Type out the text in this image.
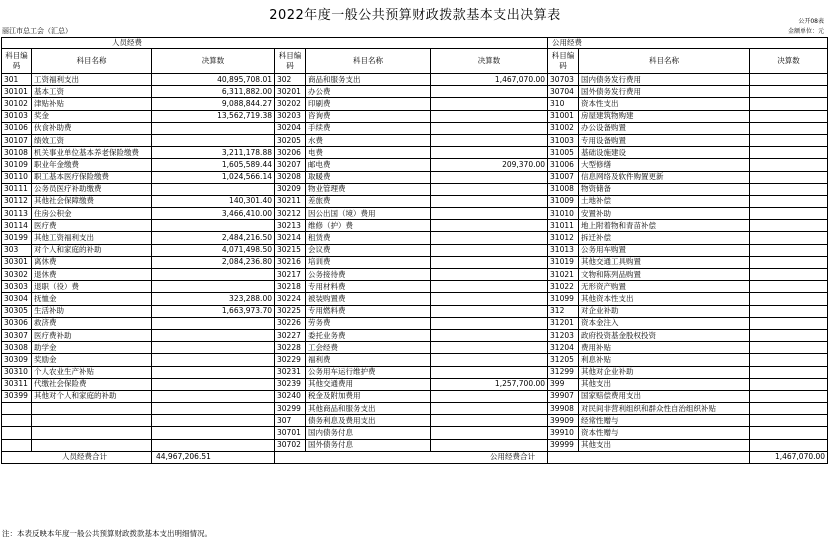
2022年度一般公共预算财政拨款基本支出决算表	公开08表
丽江市总工会（汇总）	金额单位：元
人员经费						公用经费		
科目编码	科目名称	决算数	科目编码	科目名称	决算数	科目编码	科目名称	决算数
301	工资福利支出	40,895,708.01	302	商品和服务支出	1,467,070.00	30703	国内债务发行费用	
30101	基本工资	6,311,882.00	30201	办公费		30704	国外债务发行费用	
30102	津贴补贴	9,088,844.27	30202	印刷费		310	资本性支出	
30103	奖金	13,562,719.38	30203	咨询费		31001	房屋建筑物购建	
30106	伙食补助费		30204	手续费		31002	办公设备购置	
30107	绩效工资		30205	水费		31003	专用设备购置	
30108	机关事业单位基本养老保险缴费	3,211,178.88	30206	电费		31005	基础设施建设	
30109	职业年金缴费	1,605,589.44	30207	邮电费	209,370.00	31006	大型修缮	
30110	职工基本医疗保险缴费	1,024,566.14	30208	取暖费		31007	信息网络及软件购置更新	
30111	公务员医疗补助缴费		30209	物业管理费		31008	物资储备	
30112	其他社会保障缴费	140,301.40	30211	差旅费		31009	土地补偿	
30113	住房公积金	3,466,410.00	30212	因公出国（境）费用		31010	安置补助	
30114	医疗费		30213	维修（护）费		31011	地上附着物和青苗补偿	
30199	其他工资福利支出	2,484,216.50	30214	租赁费		31012	拆迁补偿	
303	对个人和家庭的补助	4,071,498.50	30215	会议费		31013	公务用车购置	
30301	离休费	2,084,236.80	30216	培训费		31019	其他交通工具购置	
30302	退休费		30217	公务接待费		31021	文物和陈列品购置	
30303	退职（役）费		30218	专用材料费		31022	无形资产购置	
30304	抚恤金	323,288.00	30224	被装购置费		31099	其他资本性支出	
30305	生活补助	1,663,973.70	30225	专用燃料费		312	对企业补助	
30306	救济费		30226	劳务费		31201	资本金注入	
30307	医疗费补助		30227	委托业务费		31203	政府投资基金股权投资	
30308	助学金		30228	工会经费		31204	费用补贴	
30309	奖励金		30229	福利费		31205	利息补贴	
30310	个人农业生产补贴		30231	公务用车运行维护费		31299	其他对企业补助	
30311	代缴社会保险费		30239	其他交通费用	1,257,700.00	399	其他支出	
30399	其他对个人和家庭的补助		30240	税金及附加费用		39907	国家赔偿费用支出	
			30299	其他商品和服务支出		39908	对民间非营利组织和群众性自治组织补贴	
			307	债务利息及费用支出		39909	经常性赠与	
			30701	国内债务付息		39910	资本性赠与	
			30702	国外债务付息		39999	其他支出	
人员经费合计		44,967,206.51	公用经费合计					1,467,070.00
注：本表反映本年度一般公共预算财政拨款基本支出明细情况。
